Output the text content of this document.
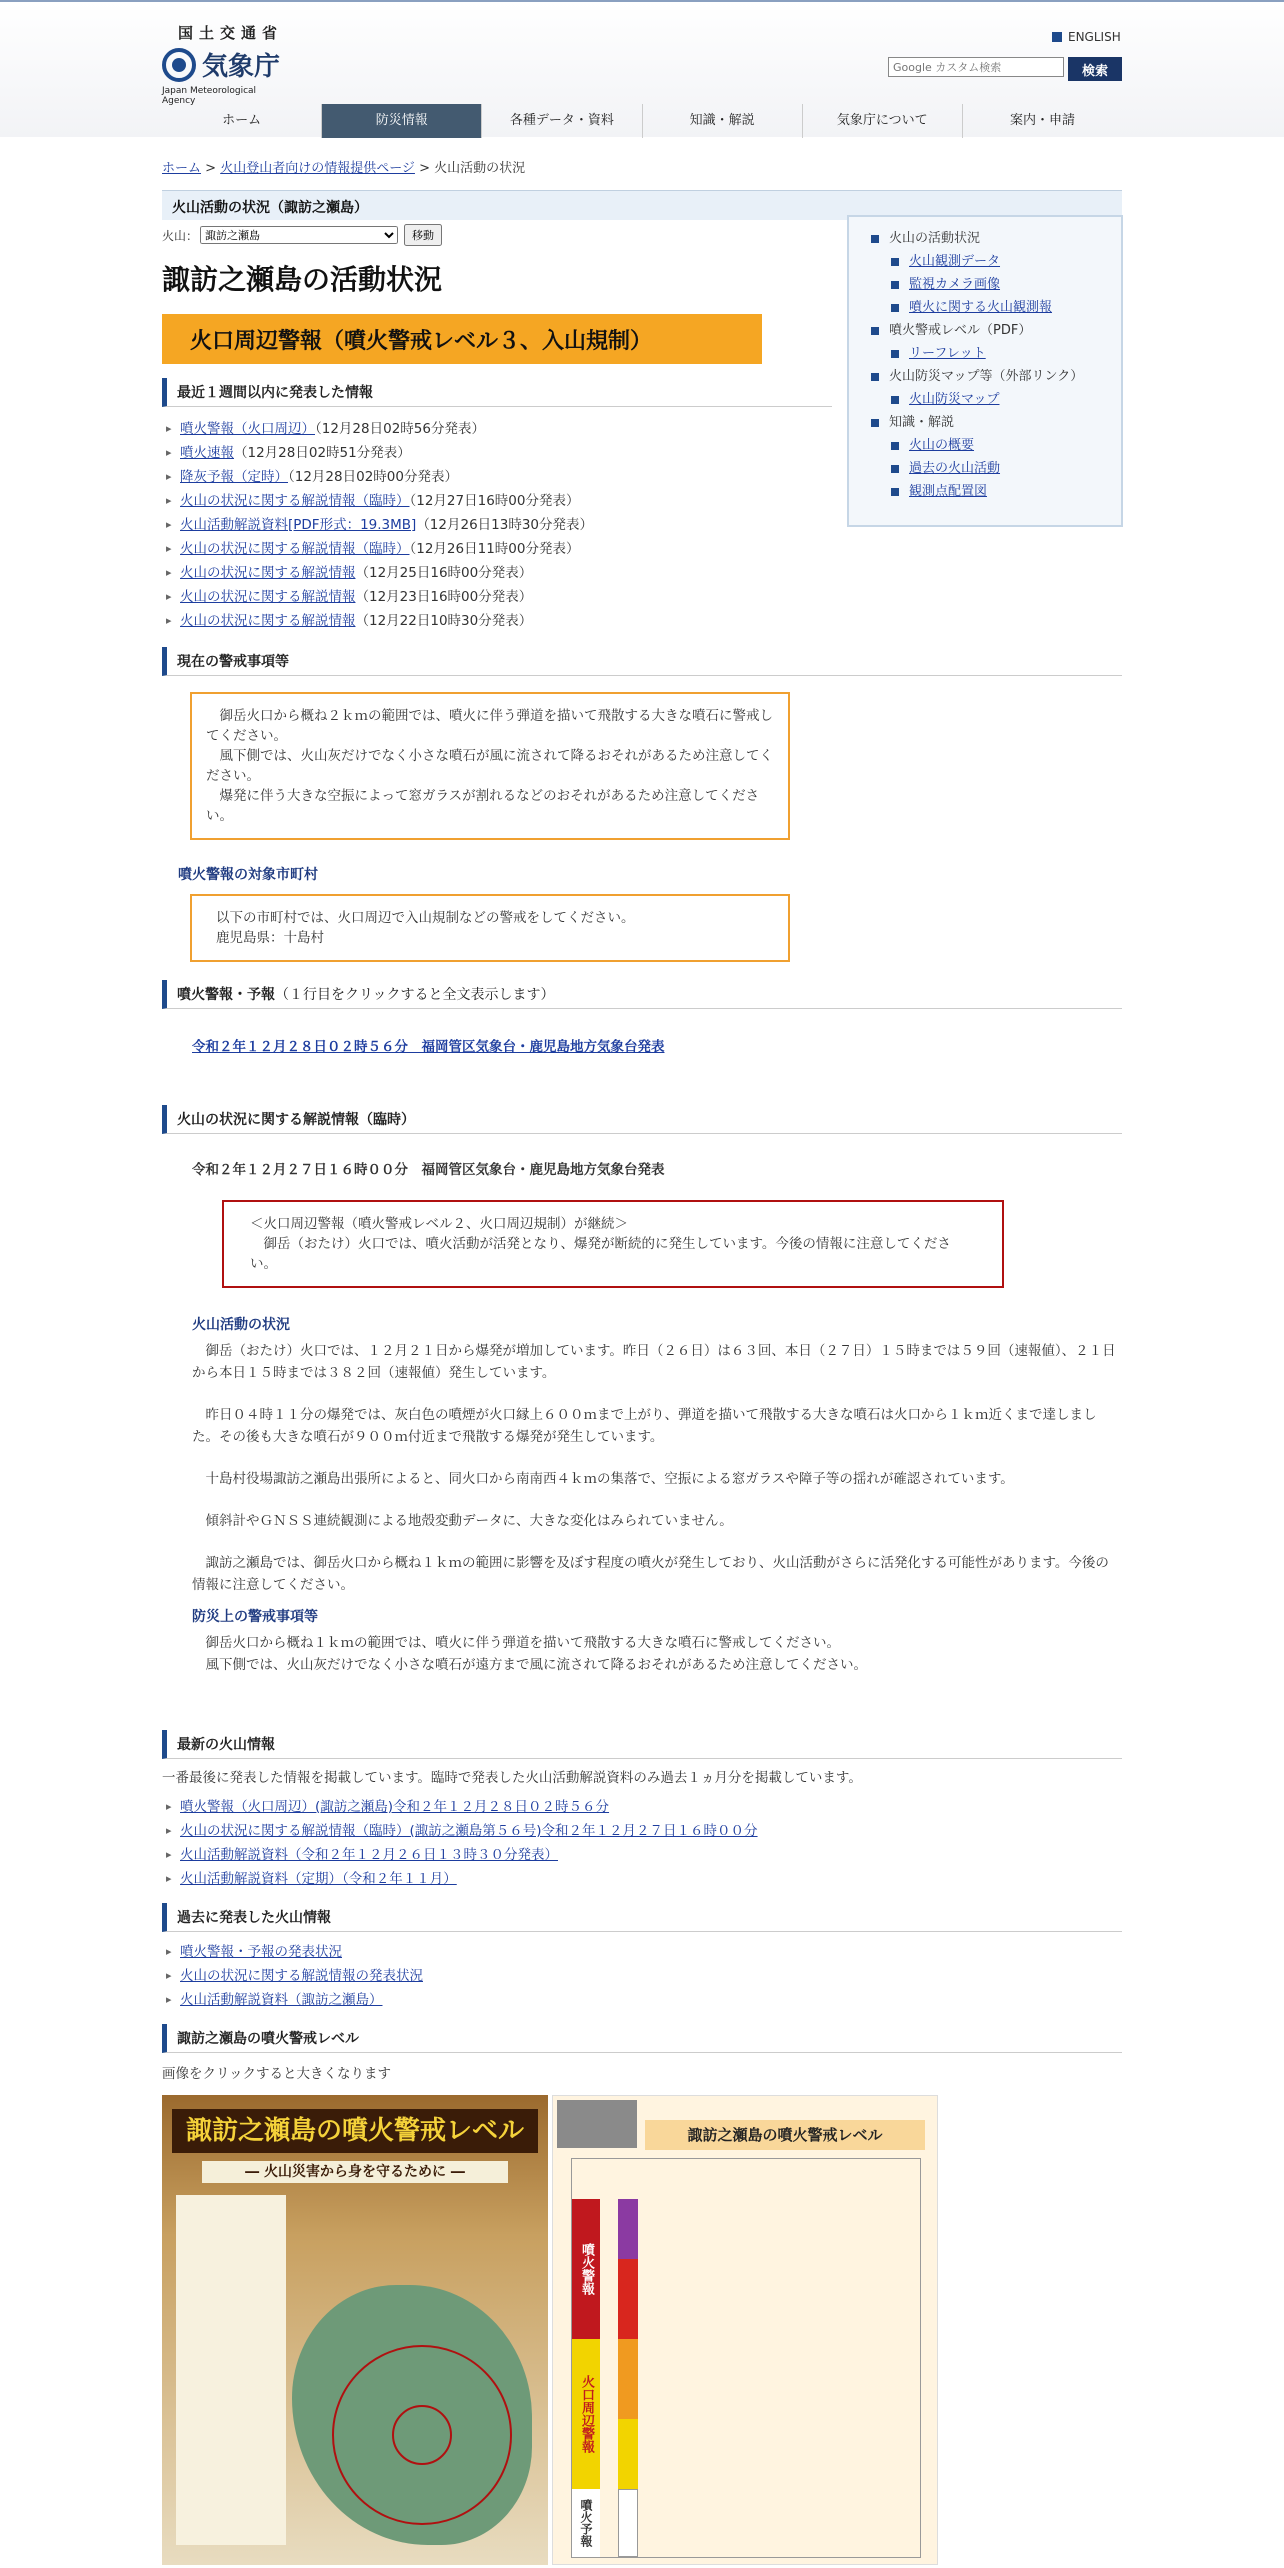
国土交通省
気象庁
Japan Meteorological Agency
ENGLISH
Google カスタム検索
検索
ホーム	防災情報	各種データ・資料	知識・解説	気象庁について	案内・申請
ホーム > 火山登山者向けの情報提供ページ > 火山活動の状況
火山活動の状況（諏訪之瀬島）
火山：
諏訪之瀬島	移動	火山の活動状況
火山観測データ
監視カメラ画像
噴火に関する火山観測報
噴火警戒レベル（PDF）
リーフレット
火山防災マップ等（外部リンク）
火山防災マップ
知識・解説
火山の概要
過去の火山活動
観測点配置図
諏訪之瀬島の活動状況
火口周辺警報（噴火警戒レベル３、入山規制）
最近１週間以内に発表した情報
▸ 噴火警報（火口周辺）（12月28日02時56分発表）
▸ 噴火速報（12月28日02時51分発表）
▸ 降灰予報（定時）（12月28日02時00分発表）
▸ 火山の状況に関する解説情報（臨時）（12月27日16時00分発表）
▸ 火山活動解説資料[PDF形式：19.3MB]（12月26日13時30分発表）
▸ 火山の状況に関する解説情報（臨時）（12月26日11時00分発表）
▸ 火山の状況に関する解説情報（12月25日16時00分発表）
▸ 火山の状況に関する解説情報（12月23日16時00分発表）
▸ 火山の状況に関する解説情報（12月22日10時30分発表）
現在の警戒事項等
　御岳火口から概ね２ｋｍの範囲では、噴火に伴う弾道を描いて飛散する大きな噴石に警戒してください。
　風下側では、火山灰だけでなく小さな噴石が風に流されて降るおそれがあるため注意してください。
　爆発に伴う大きな空振によって窓ガラスが割れるなどのおそれがあるため注意してください。
噴火警報の対象市町村
以下の市町村では、火口周辺で入山規制などの警戒をしてください。
鹿児島県：十島村
噴火警報・予報（１行目をクリックすると全文表示します）
令和２年１２月２８日０２時５６分　福岡管区気象台・鹿児島地方気象台発表
火山の状況に関する解説情報（臨時）
令和２年１２月２７日１６時００分　福岡管区気象台・鹿児島地方気象台発表
＜火口周辺警報（噴火警戒レベル２、火口周辺規制）が継続＞
　御岳（おたけ）火口では、噴火活動が活発となり、爆発が断続的に発生しています。今後の情報に注意してください。
火山活動の状況

　御岳（おたけ）火口では、１２月２１日から爆発が増加しています。昨日（２６日）は６３回、本日（２７日）１５時までは５９回（速報値）、２１日から本日１５時までは３８２回（速報値）発生しています。

　昨日０４時１１分の爆発では、灰白色の噴煙が火口縁上６００ｍまで上がり、弾道を描いて飛散する大きな噴石は火口から１ｋｍ近くまで達しました。その後も大きな噴石が９００ｍ付近まで飛散する爆発が発生しています。

　十島村役場諏訪之瀬島出張所によると、同火口から南南西４ｋｍの集落で、空振による窓ガラスや障子等の揺れが確認されています。

　傾斜計やＧＮＳＳ連続観測による地殻変動データに、大きな変化はみられていません。

　諏訪之瀬島では、御岳火口から概ね１ｋｍの範囲に影響を及ぼす程度の噴火が発生しており、火山活動がさらに活発化する可能性があります。今後の情報に注意してください。

防災上の警戒事項等

　御岳火口から概ね１ｋｍの範囲では、噴火に伴う弾道を描いて飛散する大きな噴石に警戒してください。

　風下側では、火山灰だけでなく小さな噴石が遠方まで風に流されて降るおそれがあるため注意してください。

最新の火山情報
一番最後に発表した情報を掲載しています。臨時で発表した火山活動解説資料のみ過去１ヵ月分を掲載しています。
▸ 噴火警報（火口周辺）(諏訪之瀬島)令和２年１２月２８日０２時５６分
▸ 火山の状況に関する解説情報（臨時）(諏訪之瀬島第５６号)令和２年１２月２７日１６時００分
▸ 火山活動解説資料（令和２年１２月２６日１３時３０分発表）
▸ 火山活動解説資料（定期）（令和２年１１月）
過去に発表した火山情報
▸ 噴火警報・予報の発表状況
▸ 火山の状況に関する解説情報の発表状況
▸ 火山活動解説資料（諏訪之瀬島）
諏訪之瀬島の噴火警戒レベル
画像をクリックすると大きくなります
諏訪之瀬島の噴火警戒レベル
― 火山災害から身を守るために ―
諏訪之瀬島の噴火警戒レベル
噴火警報
火口周辺警報
噴火予報
